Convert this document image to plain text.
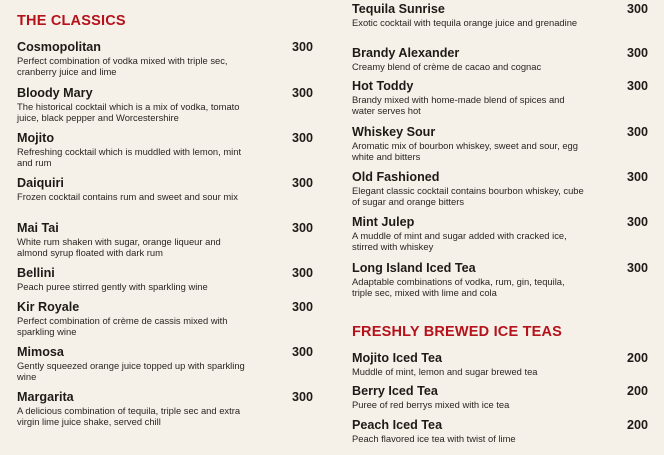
THE CLASSICS
Cosmopolitan
Perfect combination of vodka mixed with triple sec, cranberry juice and lime
300
Bloody Mary
The historical cocktail which is a mix of vodka, tomato juice, black pepper and Worcestershire
300
Mojito
Refreshing cocktail which is muddled with lemon, mint and rum
300
Daiquiri
Frozen cocktail contains rum and sweet and sour mix
300
Mai Tai
White rum shaken with sugar, orange liqueur and almond syrup floated with dark rum
300
Bellini
Peach puree stirred gently with sparkling wine
300
Kir Royale
Perfect combination of crème de cassis mixed with sparkling wine
300
Mimosa
Gently squeezed orange juice topped up with sparkling wine
300
Margarita
A delicious combination of tequila, triple sec and extra virgin lime juice shake, served chill
300
Tequila Sunrise
Exotic cocktail with tequila orange juice and grenadine
300
Brandy Alexander
Creamy blend of crème de cacao and cognac
300
Hot Toddy
Brandy mixed with home-made blend of spices and water serves hot
300
Whiskey Sour
Aromatic mix of bourbon whiskey, sweet and sour, egg white and bitters
300
Old Fashioned
Elegant classic cocktail contains bourbon whiskey, cube of sugar and orange bitters
300
Mint Julep
A muddle of mint and sugar added with cracked ice, stirred with whiskey
300
Long Island Iced Tea
Adaptable combinations of vodka, rum, gin, tequila, triple sec, mixed with lime and cola
300
FRESHLY BREWED ICE TEAS
Mojito Iced Tea
Muddle of mint, lemon and sugar brewed tea
200
Berry Iced Tea
Puree of red berrys mixed with ice tea
200
Peach Iced Tea
Peach flavored ice tea with twist of lime
200
